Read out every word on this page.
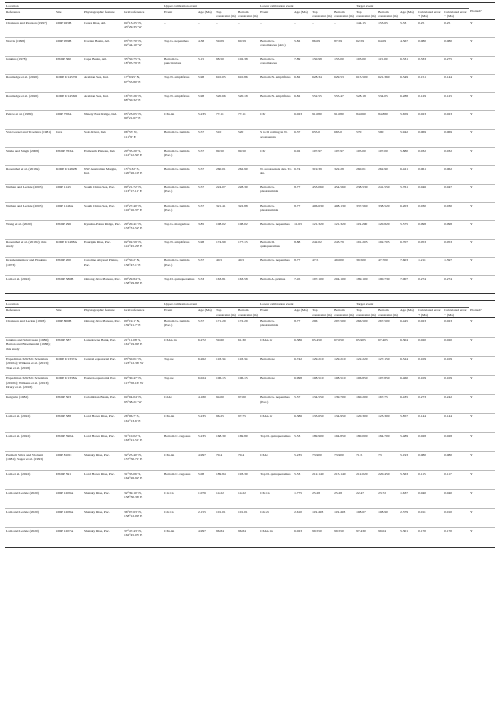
Location				Upper calibration event				Lower calibration event				Target event					
Reference	Site	Physiographic feature	Grid reference	Event	Age (Ma)	Top constraint (m)	Bottom constraint (m)	Event	Age (Ma)	Top constraint (m)	Bottom constraint (m)	Top constraint (m)	Bottom constraint (m)	Age (Ma)	Calculated error + (Ma)	Calculated error − (Ma)	Plotted?
Chaisson and Pearson (1997)	ODP 925B	Ceara Rise, Atl.	04°13.25′ N,
43°29.35′ W	–	–	–	–	–	–	–	–	144.15	153.65	5.33	0.25	0.25	Y
Norris (1998)	ODP 959B	Ivorian Basin, Atl.	03°37.70′ N,
02°44.10′ W	Top G. nepenthes	4.38	59.09	60.59	Bottom G. conomiozea (Atl.)	5.82	86.09	87.59	62.59	64.09	4.567	0.080	0.080	Y
Jenkins (1978)	DSDP 360	Cape Basin, Atl.	35°50.75′ S,
18°05.79′ E	Bottom G. puncticulata	5.15	98.50	102.38	Bottom G. conomiozea	7.89	150.98	155.00	103.00	115.00	6.331	0.333	0.275	Y
Routledge et al. (2020)	IODP U1457D	Arabian Sea, Ind.	17°9.95′ N,
67°55.80′ E	Top N. amplificus	5.98	610.05	610.86	Bottom N. amplificus	6.82	628.34	629.53	615.500	621.360	6.349	0.151	0.144	Y
Routledge et al. (2020)	IODP U1456D	Arabian Sea, Ind.	16°37.26′ N,
68°50.32′ E	Top N. amplificus	5.98	520.66	520.18	Bottom N. amplificus	6.82	552.55	555.47	528.18	534.05	6.288	0.129	0.125	Y
Peirce et al. (1989)	ODP 758A	Ninety East Ridge, Ind.	05°23.05′ N,
90°21.67′ E	C3n.4n	5.235	77.11	77.11	C3r	6.023	91.080	91.080	84.060	84.880	5.659	0.023	0.023	Y
Van Gorsel and Troelstra (1981)	Java	Solo River, Ind.	06°55′ N,
111°6′ E	Bottom G. tumida	5.57	510	520	S to D coiling in N. acostaensis	6.37	655.0	665.0	570	590	5.942	0.069	0.069	Y
Sinha and Singh (2008)	DSDP 763A	Exmouth Plateau, Ind.	20°35.20′ S,
112°12.50′ E	Bottom G. tumida (Pac.)	5.57	99.50	99.50	C3r	6.02	107.97	107.97	105.00	107.00	5.880	0.032	0.032	Y
Rosenthal et al. (2018a)	IODP U1482B	NW Australian Margin, Ind.	15°3.32′ S,
120°26.10′ E	Bottom G. tumida	5.57	260.01	262.90	N. acostaensis dex. To sin.	6.74	319.39	322.28	260.01	262.90	6.421	0.061	0.062	Y
Nathan and Leckie (2003)	ODP 1143	South China Sea, Pac.	09°21.72′ N,
113°17.11′ E	Bottom G. tumida (Pac.)	5.57	224.07	228.30	Bottom G. plesiotumida	8.77	453.060	454.560	238.530	241.550	5.761	0.046	0.047	Y
Nathan and Leckie (2003)	ODP 1146A	South China Sea, Pac.	19°27.40′ N,
116°16.37′ E	Bottom G. tumida (Pac.)	5.57	321.41	322.88	Bottom G. plesiotumida	8.77	406.630	408.130	337.560	338.520	6.203	0.030	0.030	Y
Wang et al. (2020)	DSDP 296	Kyushu-Palau Ridge, Pac.	29°20.41′ N,
133°31.52′ E	Top G. margaritae	3.85	108.02	108.02	Bottom G. nepenthes	11.63	121.320	121.320	119.290	120.820	5.575	0.098	0.098	Y
Rosenthal et al. (2018c); this study	IODP U1488A	Eauripik Rise, Pac.	02°02.59′ N,
141°45.29′ E	Top N. amplificus	5.98	174.99	177.15	Bottom D. quinqueramus	8.88	242.02	243.79	191.205	192.705	6.707	0.053	0.053	Y
Krasheninnikov and Hoskins (1973)	DSDP 200	Caroline Abyssal Plains, Pac.	12°50.2′ N,
156°47.1′ E	Bottom G. tumida (Pac.)	5.57	40.5	40.5	Bottom G. nepenthes	8.77	47.5	49.000	39.500	47.700	7.603	1.211	1.597	Y
Lam et al. (2022)	DSDP 586B	Ontong Java Plateau, Pac.	00°29.84′ S,
158°29.89′ E	Top D. quinqueramus	5.53	163.81	163.58	Bottom A. primus	7.45	197.100	204.100	189.100	190.730	7.007	0.274	0.274	Y
Location				Upper calibration event				Lower calibration event				Target event					
Reference	Site	Physiographic feature	Grid reference	Event	Age (Ma)	Top constraint (m)	Bottom constraint (m)	Event	Age (Ma)	Top constraint (m)	Bottom constraint (m)	Top constraint (m)	Bottom constraint (m)	Age (Ma)	Calculated error + (Ma)	Calculated error − (Ma)	Plotted?
Chaisson and Leckie (1993)	ODP 806B	Ontong Java Plateau, Pac.	00°19.1′ N,
159°21.7′ E	Bottom G. tumida (Pac.)	5.57	171.29	172.29	Bottom G. plesiotumida	8.77	296	297.500	266.500	267.500	6.445	0.023	0.023	Y
Jenkins and Srinivasan (1986); Barton and Bloemendal (1986); this study	DSDP 587	Lansdowne Bank, Pac.	21°11.08′ S,
161°19.99′ E	C3An.1n	6.272	59.60	61.30	C3An.1r	6.386	65.450	67.050	65.905	67.405	6.304	0.020	0.020	Y
Expedition 320/321 Scientists (2010a); Wilkens et al. (2013); Tian et al. (2018)	IODP U1337A	Central equatorial Pac.	03°50.01′ N,
123°12.36′ W	Top ne	6.262	118.34	118.34	Bottom ne	6.742	129.210	129.210	122.220	127.150	6.524	0.109	0.109	Y
Expedition 320/321 Scientists (2010b); Wilkens et al. (2013); Drury et al. (2018)	IODP U1338A	Eastern equatorial Pac.	02°30.47′ N,
117°58.16′ W	Top ne	6.024	106.15	106.15	Bottom ne	6.998	108.510	108.510	106.850	107.850	6.460	0.109	0.109	Y
Keigwin (1982)	DSDP 503	Colombian Basin, Pac.	04°04.04′ N,
95°38.21′ W	C2Ar	4.180	94.00	97.00	Bottom G. nepenthes (Pac.)	5.57	134.550	139.700	160.200	167.75	6.435	0.273	0.242	Y
Lam et al. (2022)	DSDP 588	Lord Howe Rise, Pac.	26°06.7′ S,
161°13.6′ E	C3n.4n	5.235	96.25	97.75	C3An.1r	6.386	133.650	134.950	120.300	123.300	5.857	0.144	0.144	Y
Lam et al. (2022)	DSDP 590A	Lord Howe Rise, Pac.	31°10.02′ S,
163°21.51′ E	Bottom C. rugosus	5.235	168.30	169.80	Top D. quinqueramus	5.53	189.900	194.850	180.000	184.700	5.489	0.028	0.028	Y
Premoli Silva and Violanti (1981); Sager et al. (1993)	ODP 810C	Shatsky Rise, Pac.	32°25.40′ N,
157°50.71′ E	C3n.4n	4.997	70.4	70.4	C3Ar	5.235	73.900	73.900	71.5	73	5.193	0.080	0.080	Y
Lam et al. (2022)	DSDP 591	Lord Howe Rise, Pac.	31°35.06′ S,
164°26.92′ E	Bottom C. rugosus	5.08	189.84	193.30	Top D. quinqueramus	5.53	212.140	215.140	212.020	220.450	5.563	0.115	0.117	Y
Lam and Leckie (2020)	ODP 1209A	Shatsky Rise, Pac.	32°39.10′ N,
158°30.36′ E	C1r.1n	1.076	14.22	14.22	C3r.1n	1.775	25.28	25.28	22.47	23.72	1.637	0.040	0.040	Y
Lam and Leckie (2020)	ODP 1208A	Shatsky Rise, Pac.	36°07.63′ N,
158°12.09′ E	C2r.1n	2.155	101.01	101.01	C2r.2r	2.610	119.493	119.493	108.67	108.90	2.379	0.011	0.010	Y
Lam and Leckie (2020)	ODP 1207A	Shatsky Rise, Pac.	37°47.43′ N,
162°45.05′ E	C3n.4n	4.997	96.84	96.84	C3An.1n	6.023	99.550	99.550	97.430	99.04	5.301	0.170	0.170	Y
